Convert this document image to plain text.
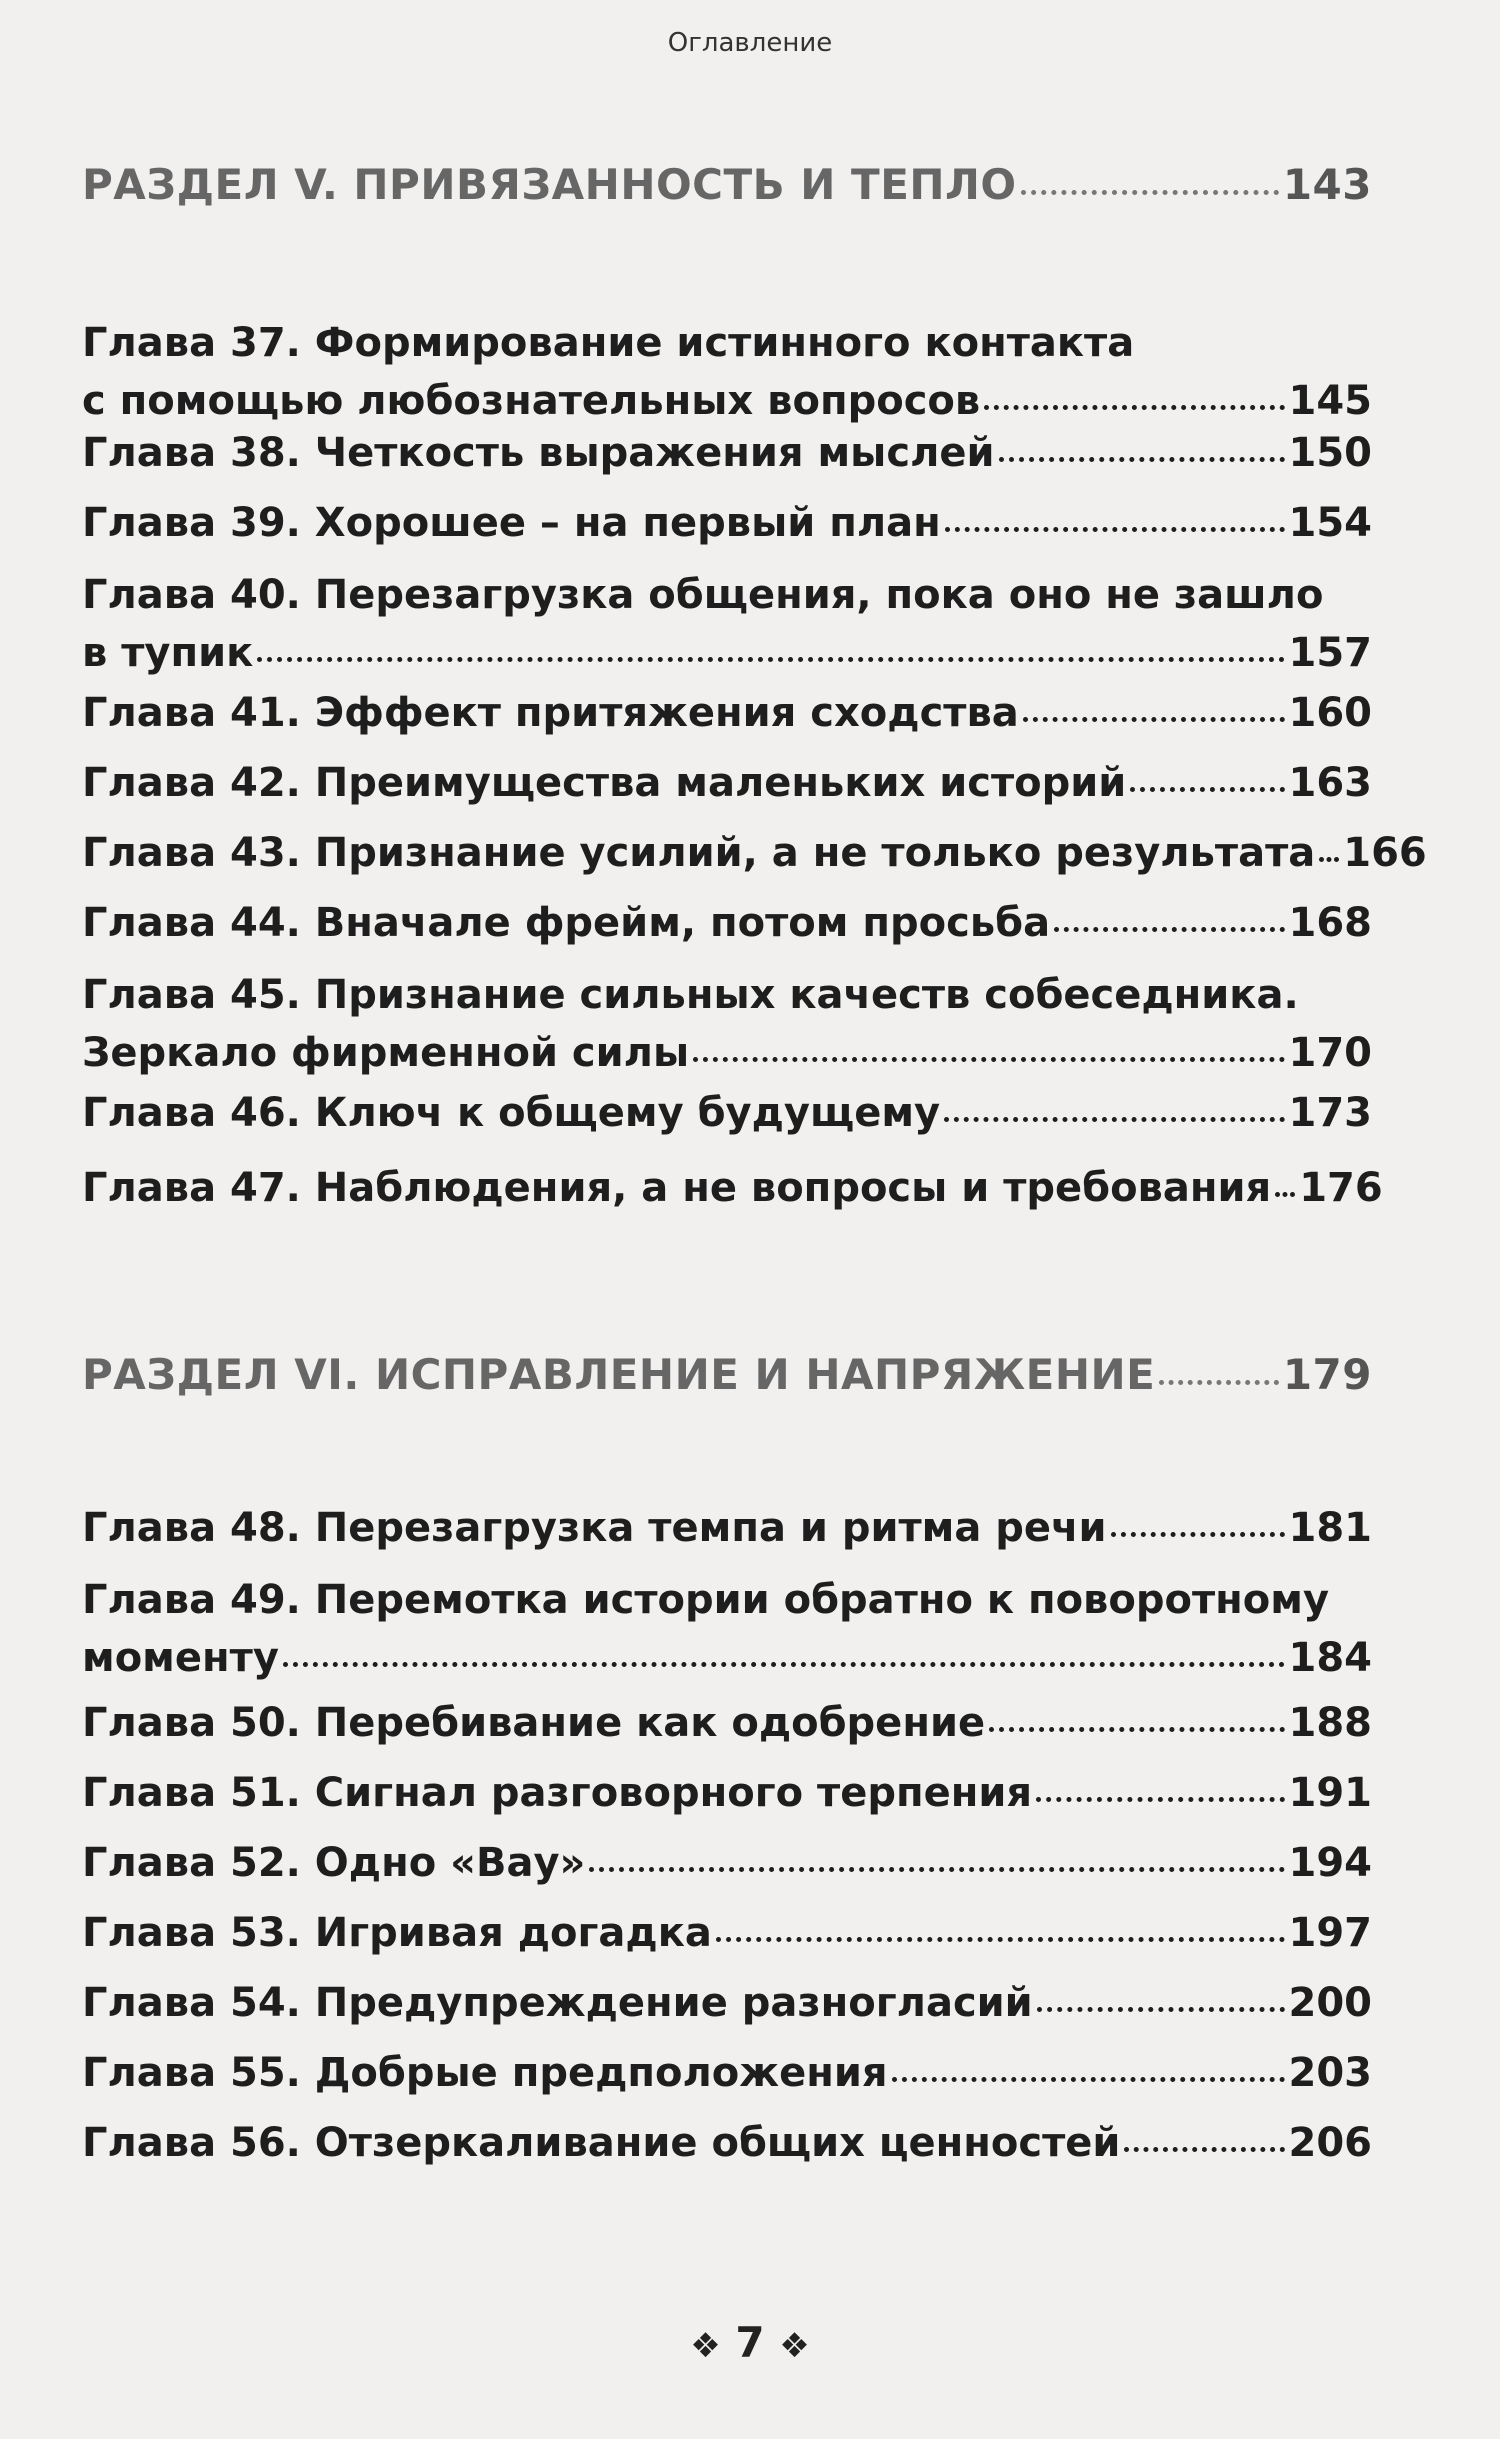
Оглавление
РАЗДЕЛ V. ПРИВЯЗАННОСТЬ И ТЕПЛО	143
Глава 37. Формирование истинного контакта
с помощью любознательных вопросов	145
Глава 38. Четкость выражения мыслей	150
Глава 39. Хорошее – на первый план	154
Глава 40. Перезагрузка общения, пока оно не зашло
в тупик	157
Глава 41. Эффект притяжения сходства	160
Глава 42. Преимущества маленьких историй	163
Глава 43. Признание усилий, а не только результата 166
Глава 44. Вначале фрейм, потом просьба	168
Глава 45. Признание сильных качеств собеседника.
Зеркало фирменной силы	170
Глава 46. Ключ к общему будущему	173
Глава 47. Наблюдения, а не вопросы и требования 176
РАЗДЕЛ VI. ИСПРАВЛЕНИЕ И НАПРЯЖЕНИЕ	179
Глава 48. Перезагрузка темпа и ритма речи	181
Глава 49. Перемотка истории обратно к поворотному
моменту	184
Глава 50. Перебивание как одобрение	188
Глава 51. Сигнал разговорного терпения	191
Глава 52. Одно «Вау»	194
Глава 53. Игривая догадка	197
Глава 54. Предупреждение разногласий	200
Глава 55. Добрые предположения	203
Глава 56. Отзеркаливание общих ценностей	206
❖ 7 ❖
